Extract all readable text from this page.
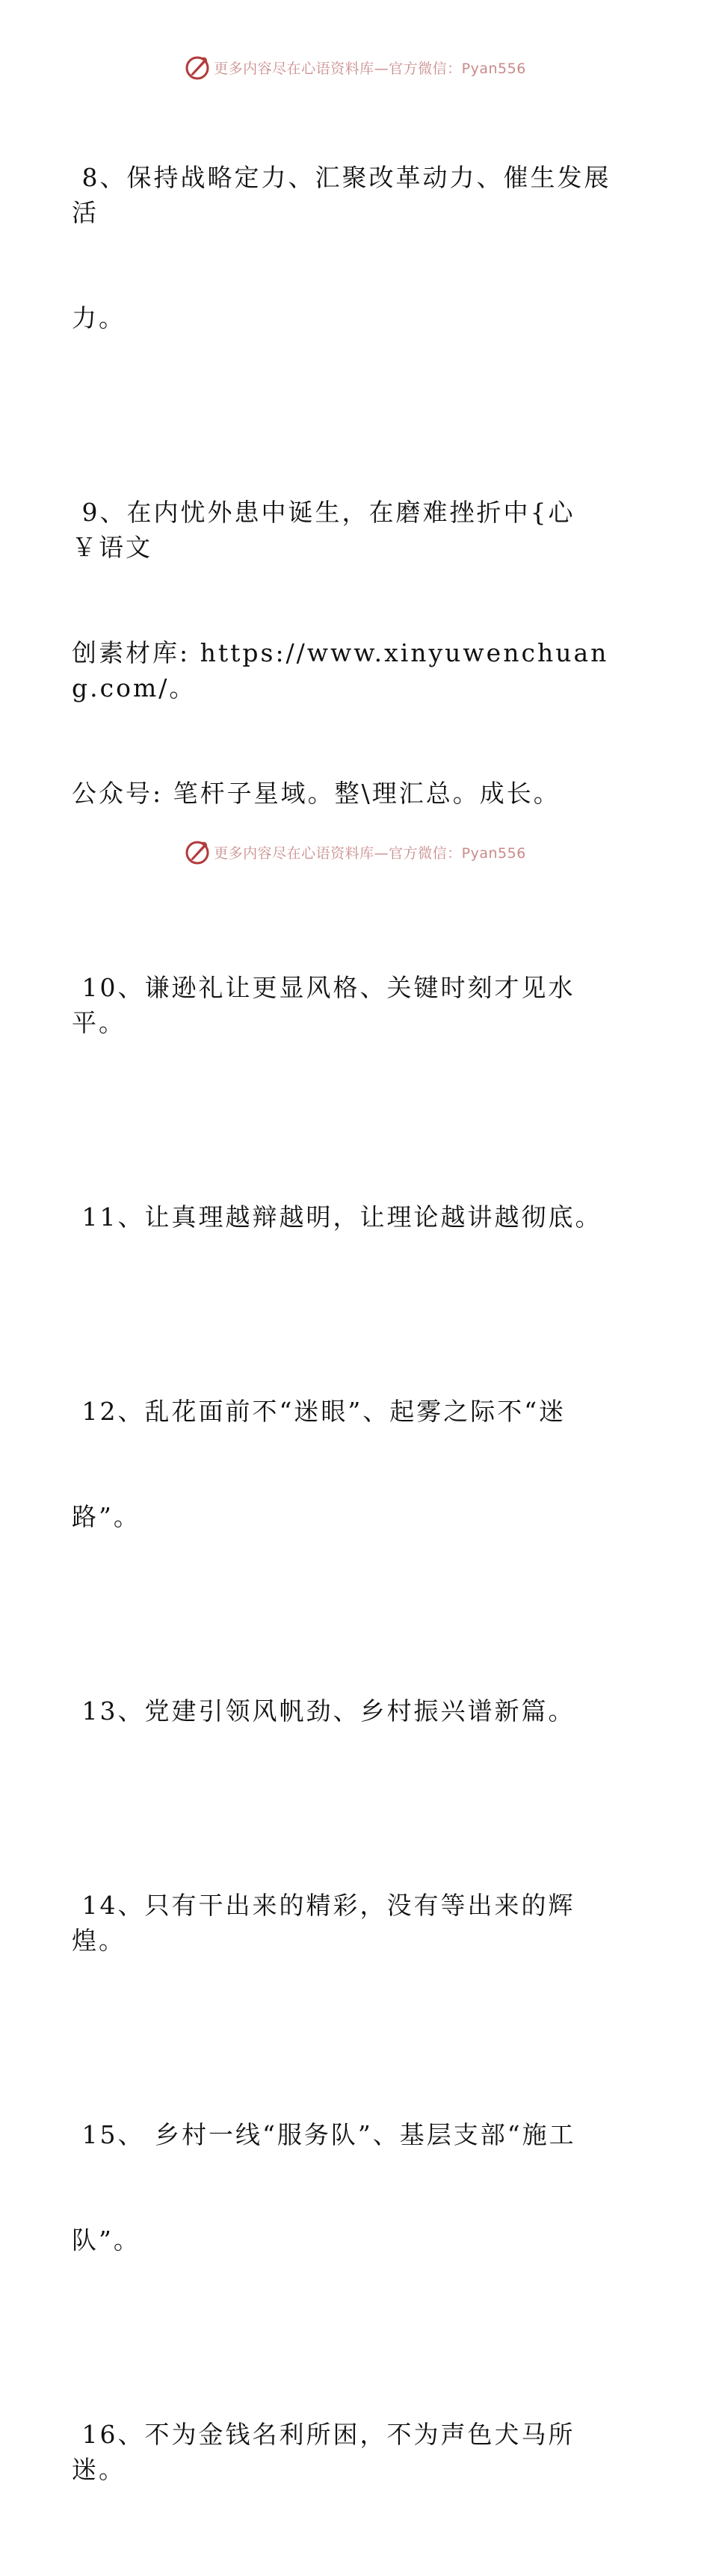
更多内容尽在心语资料库—官方微信：Pyan556

8、保持战略定力、汇聚改革动力、催生发展活

力。

9、在内忧外患中诞生，在磨难挫折中{心￥语文

创素材库: https://www.xinyuwenchuang.com/。

公众号: 笔杆子星域。整\理汇总。成长。

10、谦逊礼让更显风格、关键时刻才见水平。

11、让真理越辩越明，让理论越讲越彻底。

12、乱花面前不“迷眼”、起雾之际不“迷

路”。

13、党建引领风帆劲、乡村振兴谱新篇。

14、只有干出来的精彩，没有等出来的辉煌。

15、 乡村一线“服务队”、基层支部“施工

队”。

16、不为金钱名利所困，不为声色犬马所迷。

更多内容尽在心语资料库—官方微信：Pyan556
